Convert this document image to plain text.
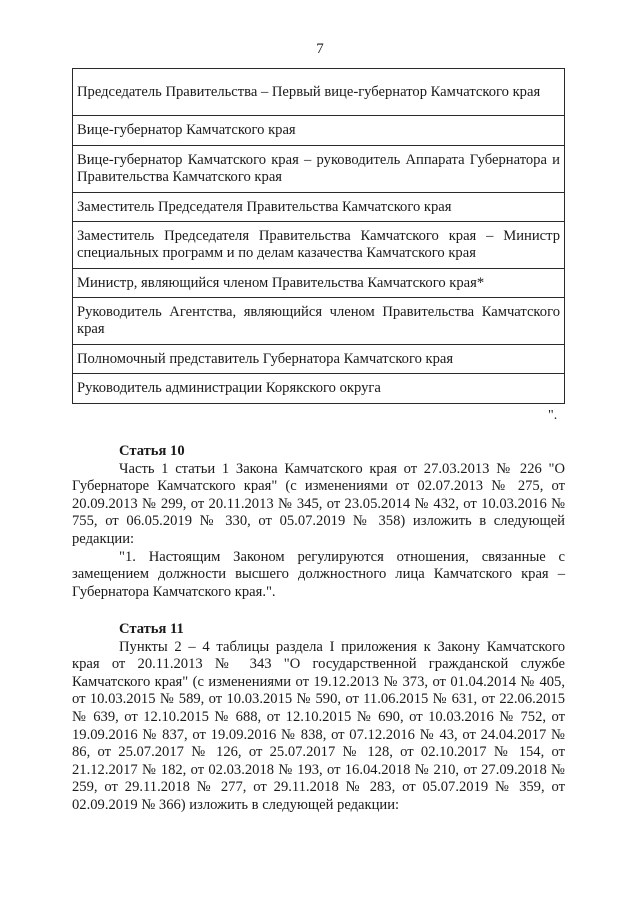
7
Председатель Правительства – Первый вице-губернатор Камчатского края
Вице-губернатор Камчатского края
Вице-губернатор Камчатского края – руководитель Аппарата Губернатора и Правительства Камчатского края
Заместитель Председателя Правительства Камчатского края
Заместитель Председателя Правительства Камчатского края – Министр специальных программ и по делам казачества Камчатского края
Министр, являющийся членом Правительства Камчатского края*
Руководитель Агентства, являющийся членом Правительства Камчатского края
Полномочный представитель Губернатора Камчатского края
Руководитель администрации Корякского округа
".
Статья 10

Часть 1 статьи 1 Закона Камчатского края от 27.03.2013 № 226 "О Губернаторе Камчатского края" (с изменениями от 02.07.2013 № 275, от 20.09.2013 № 299, от 20.11.2013 № 345, от 23.05.2014 № 432, от 10.03.2016 № 755, от 06.05.2019 № 330, от 05.07.2019 № 358) изложить в следующей редакции:

"1. Настоящим Законом регулируются отношения, связанные с замещением должности высшего должностного лица Камчатского края – Губернатора Камчатского края.".

Статья 11

Пункты 2 – 4 таблицы раздела I приложения к Закону Камчатского края от 20.11.2013 № 343 "О государственной гражданской службе Камчатского края" (с изменениями от 19.12.2013 № 373, от 01.04.2014 № 405, от 10.03.2015 № 589, от 10.03.2015 № 590, от 11.06.2015 № 631, от 22.06.2015 № 639, от 12.10.2015 № 688, от 12.10.2015 № 690, от 10.03.2016 № 752, от 19.09.2016 № 837, от 19.09.2016 № 838, от 07.12.2016 № 43, от 24.04.2017 № 86, от 25.07.2017 № 126, от 25.07.2017 № 128, от 02.10.2017 № 154, от 21.12.2017 № 182, от 02.03.2018 № 193, от 16.04.2018 № 210, от 27.09.2018 № 259, от 29.11.2018 № 277, от 29.11.2018 № 283, от 05.07.2019 № 359, от 02.09.2019 № 366) изложить в следующей редакции:
